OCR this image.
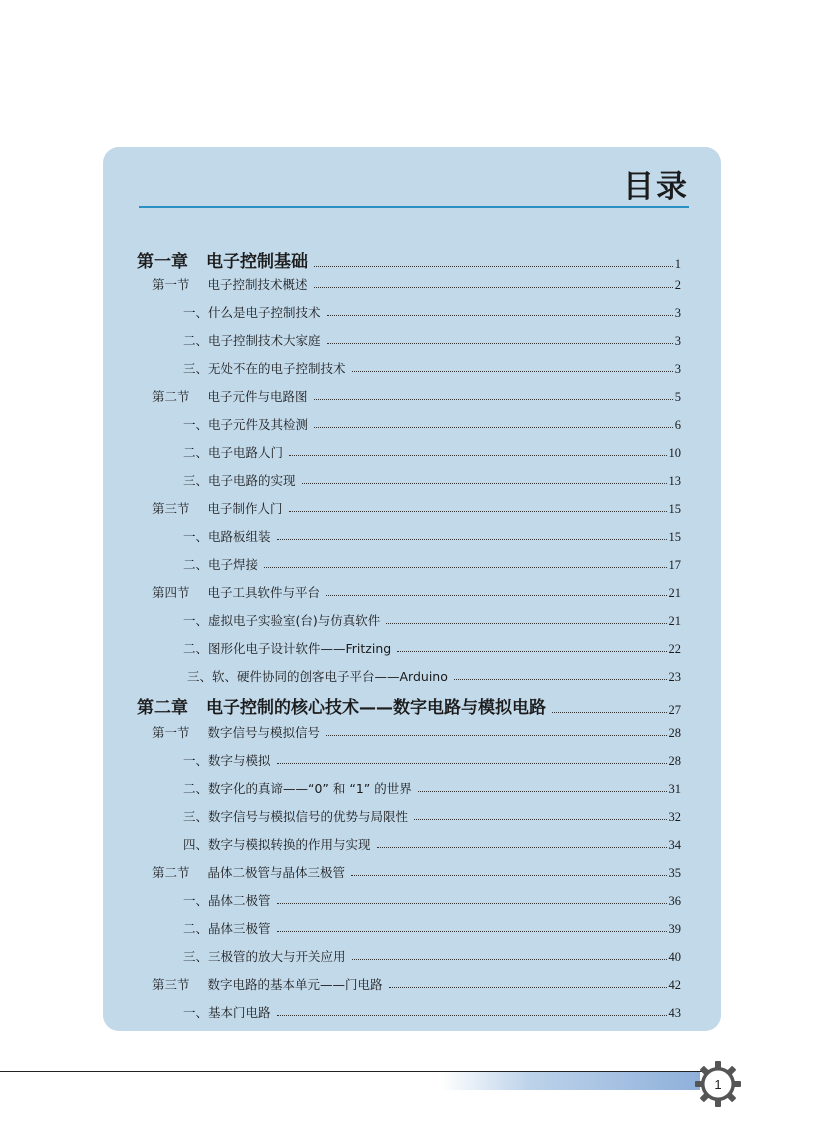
目录
第一章 电子控制基础	1
第一节 电子控制技术概述	2
一、什么是电子控制技术	3
二、电子控制技术大家庭	3
三、无处不在的电子控制技术	3
第二节 电子元件与电路图	5
一、电子元件及其检测	6
二、电子电路人门	10
三、电子电路的实现	13
第三节 电子制作人门	15
一、电路板组装	15
二、电子焊接	17
第四节 电子工具软件与平台	21
一、虚拟电子实验室(台)与仿真软件	21
二、图形化电子设计软件——Fritzing	22
三、软、硬件协同的创客电子平台——Arduino	23
第二章 电子控制的核心技术——数字电路与模拟电路	27
第一节 数字信号与模拟信号	28
一、数字与模拟	28
二、数字化的真谛——“0” 和 “1” 的世界	31
三、数字信号与模拟信号的优势与局限性	32
四、数字与模拟转换的作用与实现	34
第二节 晶体二极管与晶体三极管	35
一、晶体二极管	36
二、晶体三极管	39
三、三极管的放大与开关应用	40
第三节 数字电路的基本单元——门电路	42
一、基本门电路	43
1
